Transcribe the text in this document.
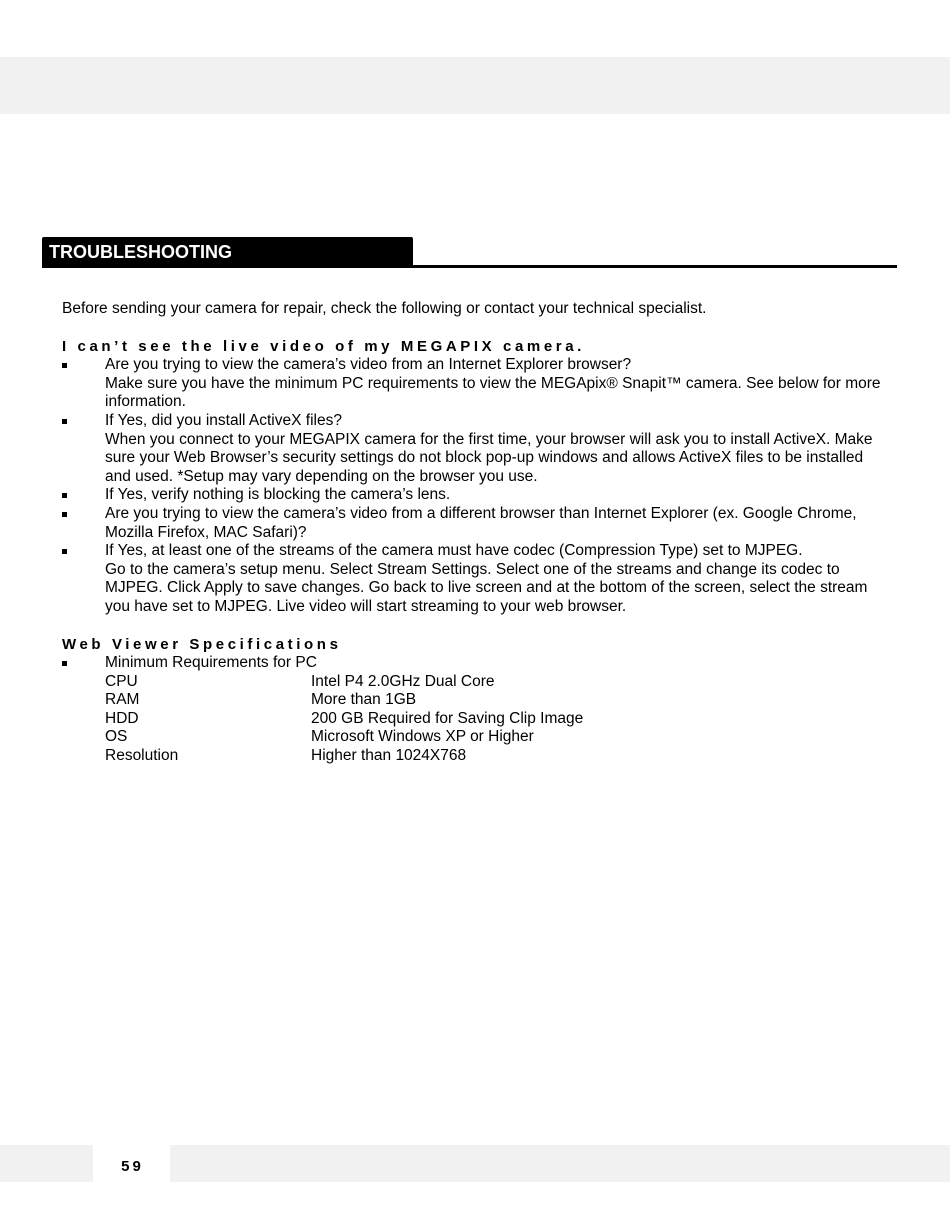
TROUBLESHOOTING

Before sending your camera for repair, check the following or contact your technical specialist.

I can’t see the live video of my MEGAPIX camera.

Are you trying to view the camera’s video from an Internet Explorer browser?
Make sure you have the minimum PC requirements to view the MEGApix® Snapit™ camera. See below for more information.
If Yes, did you install ActiveX files?
When you connect to your MEGAPIX camera for the first time, your browser will ask you to install ActiveX. Make sure your Web Browser’s security settings do not block pop-up windows and allows ActiveX files to be installed and used. *Setup may vary depending on the browser you use.
If Yes, verify nothing is blocking the camera’s lens.
Are you trying to view the camera’s video from a different browser than Internet Explorer (ex. Google Chrome, Mozilla Firefox, MAC Safari)?
If Yes, at least one of the streams of the camera must have codec (Compression Type) set to MJPEG.
Go to the camera’s setup menu. Select Stream Settings. Select one of the streams and change its codec to MJPEG. Click Apply to save changes. Go back to live screen and at the bottom of the screen, select the stream you have set to MJPEG. Live video will start streaming to your web browser.

Web Viewer Specifications

Minimum Requirements for PC
CPU	Intel P4 2.0GHz Dual Core
RAM	More than 1GB
HDD	200 GB Required for Saving Clip Image
OS	Microsoft Windows XP or Higher
Resolution	Higher than 1024X768
59
